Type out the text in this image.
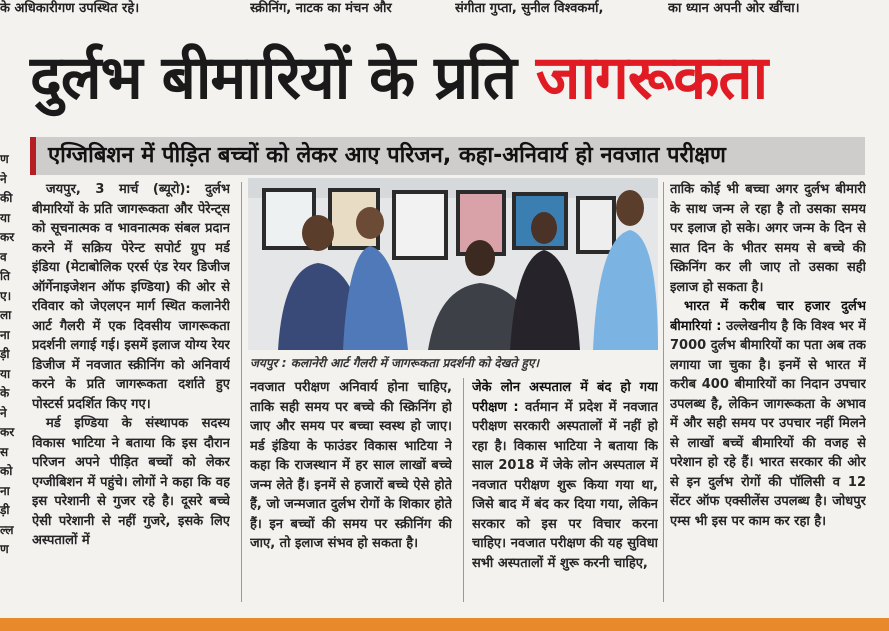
के अधिकारीगण उपस्थित रहे।	स्क्रीनिंग, नाटक का मंचन और	संगीता गुप्ता, सुनील विश्वकर्मा,	का ध्यान अपनी ओर खींचा।
ण
ने
की
या
कर
व
ति
ए।
ला
ना
ड़ी
या
के
ने
कर
स
को
ना
ड़ी
ल्ल
ण
दुर्लभ बीमारियों के प्रति जागरूकता
एग्जिबिशन में पीड़ित बच्चों को लेकर आए परिजन, कहा-अनिवार्य हो नवजात परीक्षण

जयपुर, 3 मार्च (ब्यूरो): दुर्लभ बीमारियों के प्रति जागरूकता और पेरेन्ट्स को सूचनात्मक व भावनात्मक संबल प्रदान करने में सक्रिय पेरेन्ट सपोर्ट ग्रुप मर्ड इंडिया (मेटाबोलिक एरर्स एंड रेयर डिजीज ऑर्गेनाइजेशन ऑफ इण्डिया) की ओर से रविवार को जेएलएन मार्ग स्थित कलानेरी आर्ट गैलरी में एक दिवसीय जागरूकता प्रदर्शनी लगाई गई। इसमें इलाज योग्य रेयर डिजीज में नवजात स्क्रीनिंग को अनिवार्य करने के प्रति जागरूकता दर्शाते हुए पोस्टर्स प्रदर्शित किए गए।

मर्ड इण्डिया के संस्थापक सदस्य विकास भाटिया ने बताया कि इस दौरान परिजन अपने पीड़ित बच्चों को लेकर एग्जीबिशन में पहुंचे। लोगों ने कहा कि वह इस परेशानी से गुजर रहे है। दूसरे बच्चे ऐसी परेशानी से नहीं गुजरे, इसके लिए अस्पतालों में

जयपुर : कलानेरी आर्ट गैलरी में जागरूकता प्रदर्शनी को देखते हुए।

नवजात परीक्षण अनिवार्य होना चाहिए, ताकि सही समय पर बच्चे की स्क्रिनिंग हो जाए और समय पर बच्चा स्वस्थ हो जाए। मर्ड इंडिया के फाउंडर विकास भाटिया ने कहा कि राजस्थान में हर साल लाखों बच्चे जन्म लेते हैं। इनमें से हजारों बच्चे ऐसे होते हैं, जो जन्मजात दुर्लभ रोगों के शिकार होते हैं। इन बच्चों की समय पर स्क्रीनिंग की जाए, तो इलाज संभव हो सकता है।

जेके लोन अस्पताल में बंद हो गया परीक्षण : वर्तमान में प्रदेश में नवजात परीक्षण सरकारी अस्पतालों में नहीं हो रहा है। विकास भाटिया ने बताया कि साल 2018 में जेके लोन अस्पताल में नवजात परीक्षण शुरू किया गया था, जिसे बाद में बंद कर दिया गया, लेकिन सरकार को इस पर विचार करना चाहिए। नवजात परीक्षण की यह सुविधा सभी अस्पतालों में शुरू करनी चाहिए,

ताकि कोई भी बच्चा अगर दुर्लभ बीमारी के साथ जन्म ले रहा है तो उसका समय पर इलाज हो सके। अगर जन्म के दिन से सात दिन के भीतर समय से बच्चे की स्क्रिनिंग कर ली जाए तो उसका सही इलाज हो सकता है।

भारत में करीब चार हजार दुर्लभ बीमारियां : उल्लेखनीय है कि विश्व भर में 7000 दुर्लभ बीमारियों का पता अब तक लगाया जा चुका है। इनमें से भारत में करीब 400 बीमारियों का निदान उपचार उपलब्ध है, लेकिन जागरूकता के अभाव में और सही समय पर उपचार नहीं मिलने से लाखों बच्चें बीमारियों की वजह से परेशान हो रहे हैं। भारत सरकार की ओर से इन दुर्लभ रोगों की पॉलिसी व 12 सेंटर ऑफ एक्सीलेंस उपलब्ध है। जोधपुर एम्स भी इस पर काम कर रहा है।
